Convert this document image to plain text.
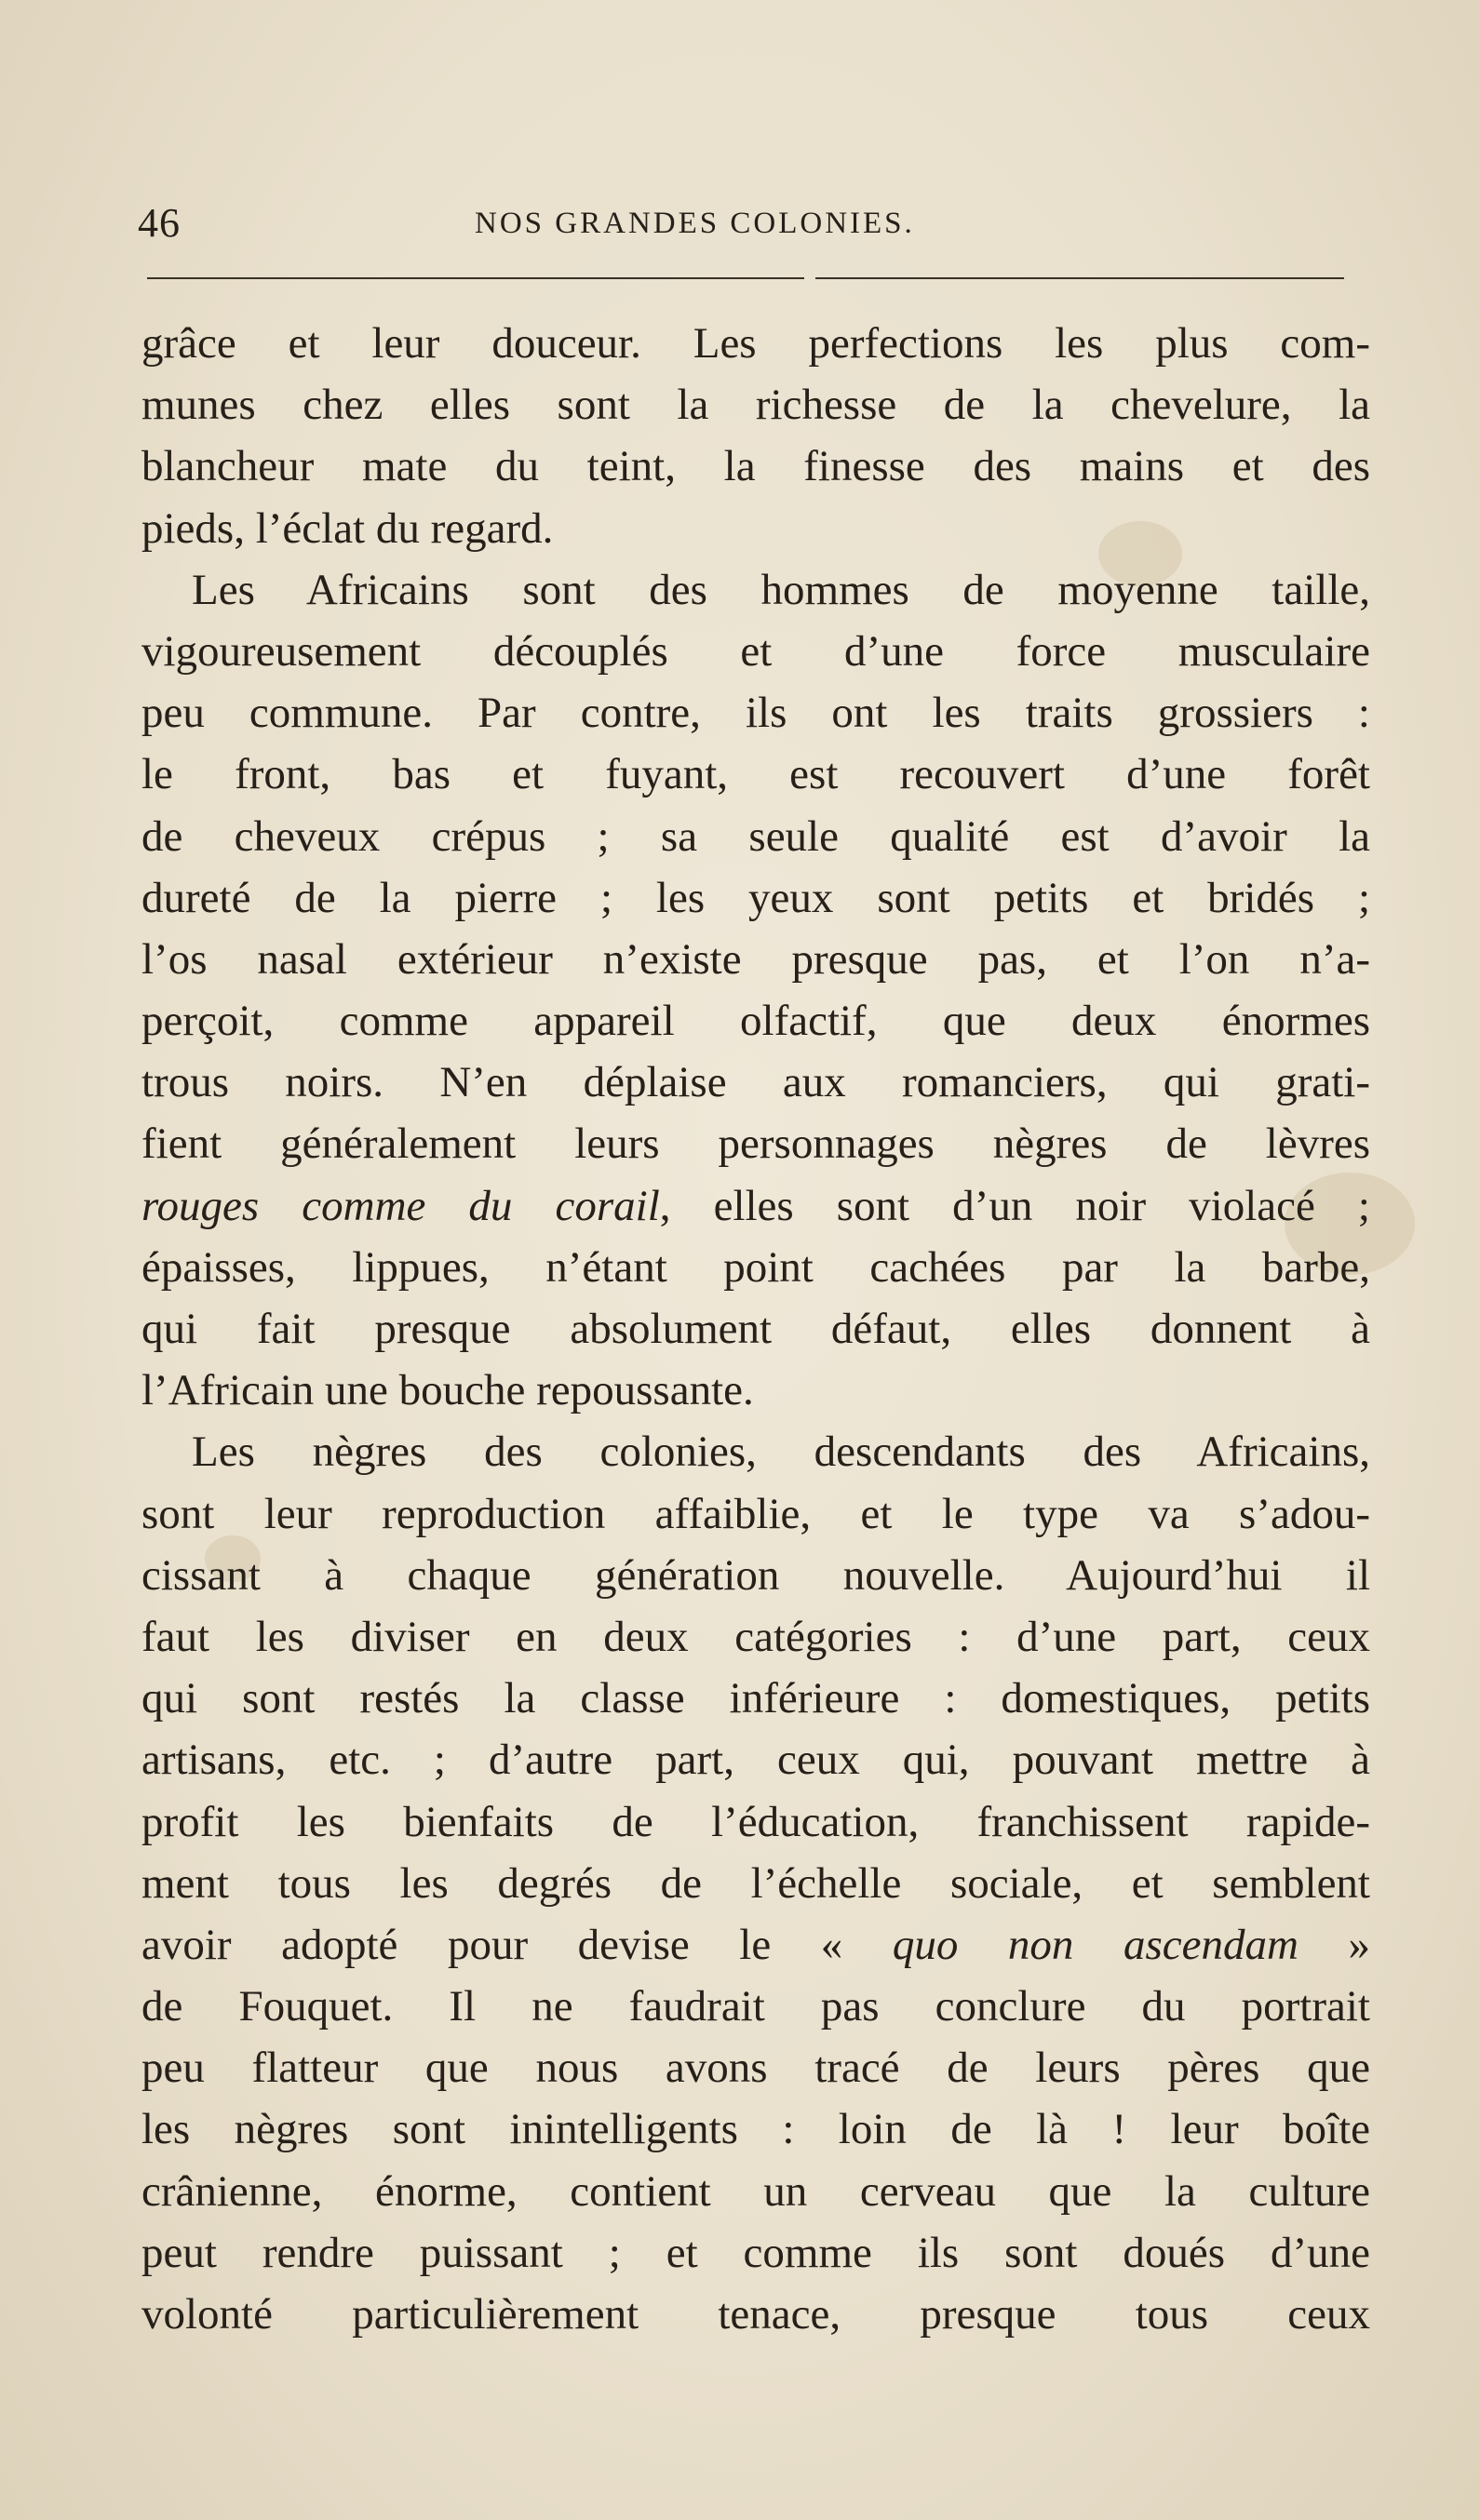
46	NOS GRANDES COLONIES.
grâce et leur douceur. Les perfections les plus com-
munes chez elles sont la richesse de la chevelure, la
blancheur mate du teint, la finesse des mains et des
pieds, l’éclat du regard.
Les Africains sont des hommes de moyenne taille,
vigoureusement découplés et d’une force musculaire
peu commune. Par contre, ils ont les traits grossiers :
le front, bas et fuyant, est recouvert d’une forêt
de cheveux crépus ; sa seule qualité est d’avoir la
dureté de la pierre ; les yeux sont petits et bridés ;
l’os nasal extérieur n’existe presque pas, et l’on n’a-
perçoit, comme appareil olfactif, que deux énormes
trous noirs. N’en déplaise aux romanciers, qui grati-
fient généralement leurs personnages nègres de lèvres
rouges comme du corail, elles sont d’un noir violacé ;
épaisses, lippues, n’étant point cachées par la barbe,
qui fait presque absolument défaut, elles donnent à
l’Africain une bouche repoussante.
Les nègres des colonies, descendants des Africains,
sont leur reproduction affaiblie, et le type va s’adou-
cissant à chaque génération nouvelle. Aujourd’hui il
faut les diviser en deux catégories : d’une part, ceux
qui sont restés la classe inférieure : domestiques, petits
artisans, etc. ; d’autre part, ceux qui, pouvant mettre à
profit les bienfaits de l’éducation, franchissent rapide-
ment tous les degrés de l’échelle sociale, et semblent
avoir adopté pour devise le « quo non ascendam »
de Fouquet. Il ne faudrait pas conclure du portrait
peu flatteur que nous avons tracé de leurs pères que
les nègres sont inintelligents : loin de là ! leur boîte
crânienne, énorme, contient un cerveau que la culture
peut rendre puissant ; et comme ils sont doués d’une
volonté particulièrement tenace, presque tous ceux
